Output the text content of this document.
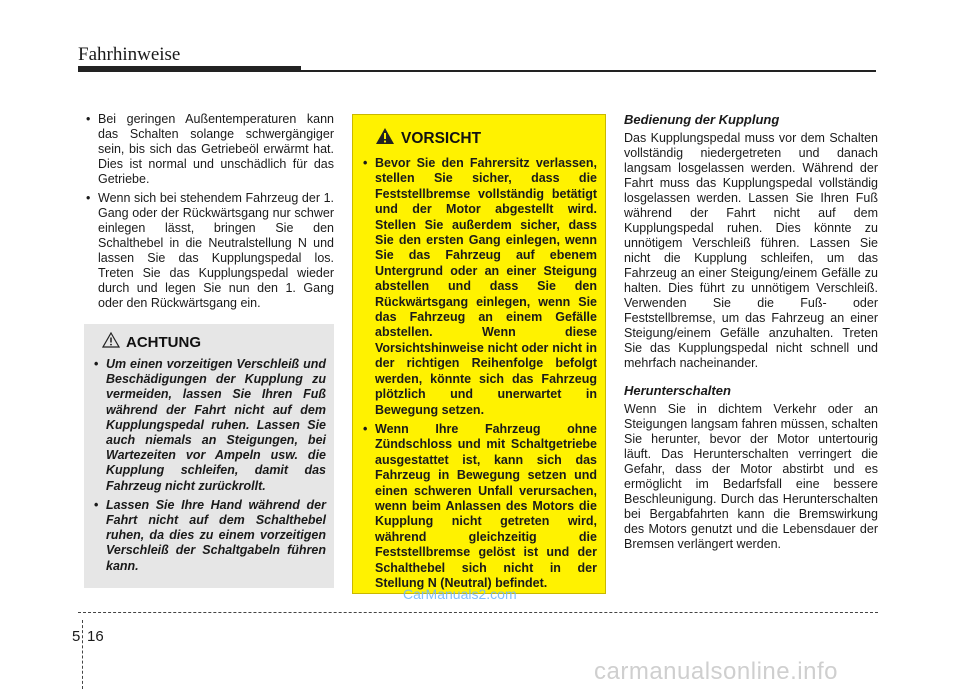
Fahrhinweise
• Bei geringen Außentemperaturen kann das Schalten solange schwergängiger sein, bis sich das Getriebeöl erwärmt hat. Dies ist normal und unschädlich für das Getriebe.
• Wenn sich bei stehendem Fahrzeug der 1. Gang oder der Rückwärtsgang nur schwer einlegen lässt, bringen Sie den Schalthebel in die Neutralstellung N und lassen Sie das Kupplungspedal los. Treten Sie das Kupplungspedal wieder durch und legen Sie nun den 1. Gang oder den Rückwärtsgang ein.
ACHTUNG
• Um einen vorzeitigen Verschleiß und Beschädigungen der Kupplung zu vermeiden, lassen Sie Ihren Fuß während der Fahrt nicht auf dem Kupplungspedal ruhen. Lassen Sie auch niemals an Steigungen, bei Wartezeiten vor Ampeln usw. die Kupplung schleifen, damit das Fahrzeug nicht zurückrollt.
• Lassen Sie Ihre Hand während der Fahrt nicht auf dem Schalthebel ruhen, da dies zu einem vorzeitigen Verschleiß der Schaltgabeln führen kann.
VORSICHT
• Bevor Sie den Fahrersitz verlassen, stellen Sie sicher, dass die Feststellbremse vollständig betätigt und der Motor abgestellt wird. Stellen Sie außerdem sicher, dass Sie den ersten Gang einlegen, wenn Sie das Fahrzeug auf ebenem Untergrund oder an einer Steigung abstellen und dass Sie den Rückwärtsgang einlegen, wenn Sie das Fahrzeug an einem Gefälle abstellen. Wenn diese Vorsichtshinweise nicht oder nicht in der richtigen Reihenfolge befolgt werden, könnte sich das Fahrzeug plötzlich und unerwartet in Bewegung setzen.
• Wenn Ihre Fahrzeug ohne Zündschloss und mit Schaltgetriebe ausgestattet ist, kann sich das Fahrzeug in Bewegung setzen und einen schweren Unfall verursachen, wenn beim Anlassen des Motors die Kupplung nicht getreten wird, während gleichzeitig die Feststellbremse gelöst ist und der Schalthebel sich nicht in der Stellung N (Neutral) befindet.

Bedienung der Kupplung

Das Kupplungspedal muss vor dem Schalten vollständig niedergetreten und danach langsam losgelassen werden. Während der Fahrt muss das Kupplungspedal vollständig losgelassen werden. Lassen Sie Ihren Fuß während der Fahrt nicht auf dem Kupplungspedal ruhen. Dies könnte zu unnötigem Verschleiß führen. Lassen Sie nicht die Kupplung schleifen, um das Fahrzeug an einer Steigung/einem Gefälle zu halten. Dies führt zu unnötigem Verschleiß. Verwenden Sie die Fuß- oder Feststellbremse, um das Fahrzeug an einer Steigung/einem Gefälle anzuhalten. Treten Sie das Kupplungspedal nicht schnell und mehrfach nacheinander.

Herunterschalten

Wenn Sie in dichtem Verkehr oder an Steigungen langsam fahren müssen, schalten Sie herunter, bevor der Motor untertourig läuft. Das Herunterschalten verringert die Gefahr, dass der Motor abstirbt und es ermöglicht im Bedarfsfall eine bessere Beschleunigung. Durch das Herunterschalten bei Bergabfahrten kann die Bremswirkung des Motors genutzt und die Lebensdauer der Bremsen verlängert werden.

CarManuals2.com
5 16
carmanualsonline.info
